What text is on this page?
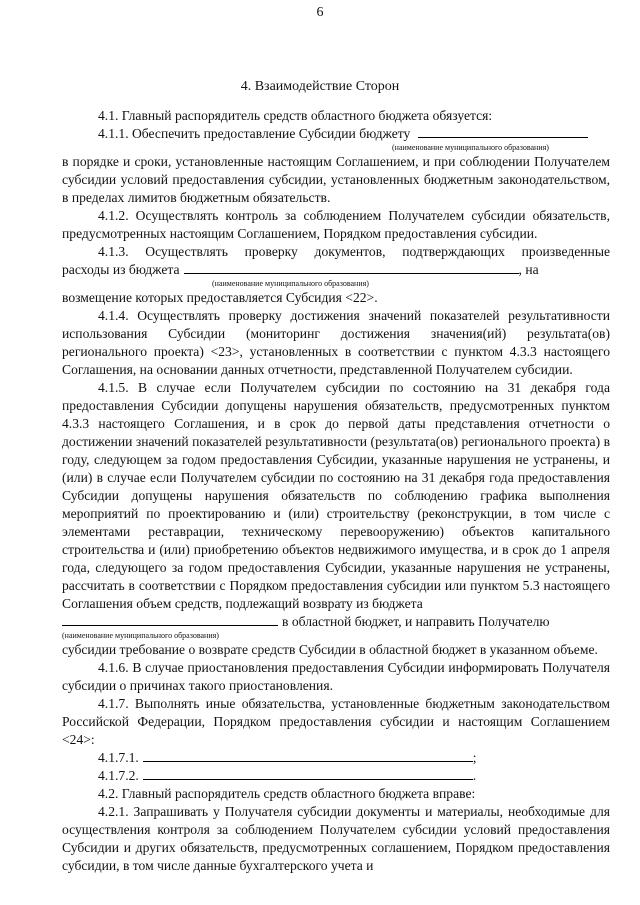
6
4. Взаимодействие Сторон

4.1. Главный распорядитель средств областного бюджета обязуется:

4.1.1. Обеспечить предоставление Субсидии бюджету
(наименование муниципального образования)

в порядке и сроки, установленные настоящим Соглашением, и при соблюдении Получателем субсидии условий предоставления субсидии, установленных бюджетным законодательством, в пределах лимитов бюджетным обязательств.

4.1.2. Осуществлять контроль за соблюдением Получателем субсидии обязательств, предусмотренных настоящим Соглашением, Порядком предоставления субсидии.

4.1.3. Осуществлять проверку документов, подтверждающих произведенные

расходы из бюджета	, на
(наименование муниципального образования)

возмещение которых предоставляется Субсидия <22>.

4.1.4. Осуществлять проверку достижения значений показателей результативности использования Субсидии (мониторинг достижения значения(ий) результата(ов) регионального проекта) <23>, установленных в соответствии с пунктом 4.3.3 настоящего Соглашения, на основании данных отчетности, представленной Получателем субсидии.

4.1.5. В случае если Получателем субсидии по состоянию на 31 декабря года предоставления Субсидии допущены нарушения обязательств, предусмотренных пунктом 4.3.3 настоящего Соглашения, и в срок до первой даты представления отчетности о достижении значений показателей результативности (результата(ов) регионального проекта) в году, следующем за годом предоставления Субсидии, указанные нарушения не устранены, и (или) в случае если Получателем субсидии по состоянию на 31 декабря года предоставления Субсидии допущены нарушения обязательств по соблюдению графика выполнения мероприятий по проектированию и (или) строительству (реконструкции, в том числе с элементами реставрации, техническому перевооружению) объектов капитального строительства и (или) приобретению объектов недвижимого имущества, и в срок до 1 апреля года, следующего за годом предоставления Субсидии, указанные нарушения не устранены, рассчитать в соответствии с Порядком предоставления субсидии или пунктом 5.3 настоящего Соглашения объем средств, подлежащий возврату из бюджета

в областной бюджет, и направить Получателю
(наименование муниципального образования)

субсидии требование о возврате средств Субсидии в областной бюджет в указанном объеме.

4.1.6. В случае приостановления предоставления Субсидии информировать Получателя субсидии о причинах такого приостановления.

4.1.7. Выполнять иные обязательства, установленные бюджетным законодательством Российской Федерации, Порядком предоставления субсидии и настоящим Соглашением <24>:

4.1.7.1.	;
4.1.7.2.	.

4.2. Главный распорядитель средств областного бюджета вправе:

4.2.1. Запрашивать у Получателя субсидии документы и материалы, необходимые для осуществления контроля за соблюдением Получателем субсидии условий предоставления Субсидии и других обязательств, предусмотренных соглашением, Порядком предоставления субсидии, в том числе данные бухгалтерского учета и
